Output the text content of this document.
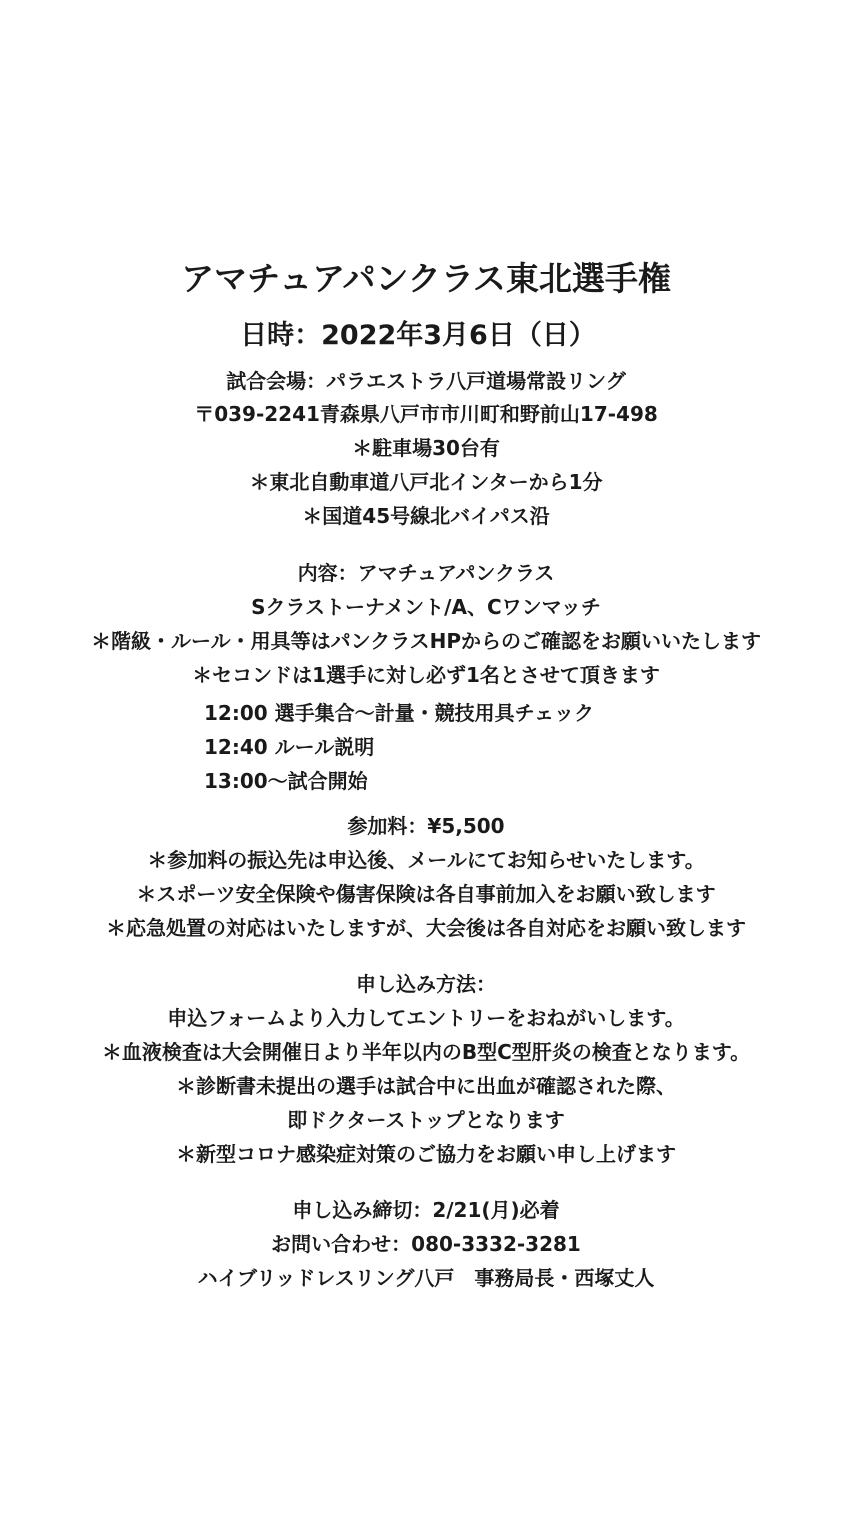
アマチュアパンクラス東北選手権
日時：2022年3月6日（日）
試合会場：パラエストラ八戸道場常設リング
〒039-2241青森県八戸市市川町和野前山17-498
＊駐車場30台有
＊東北自動車道八戸北インターから1分
＊国道45号線北バイパス沿
内容：アマチュアパンクラス
Sクラストーナメント/A、Cワンマッチ
＊階級・ルール・用具等はパンクラスHPからのご確認をお願いいたします
＊セコンドは1選手に対し必ず1名とさせて頂きます
12:00 選手集合〜計量・競技用具チェック
12:40 ルール説明
13:00〜試合開始
参加料：¥5,500
＊参加料の振込先は申込後、メールにてお知らせいたします。
＊スポーツ安全保険や傷害保険は各自事前加入をお願い致します
＊応急処置の対応はいたしますが、大会後は各自対応をお願い致します
申し込み方法：
申込フォームより入力してエントリーをおねがいします。
＊血液検査は大会開催日より半年以内のB型C型肝炎の検査となります。
＊診断書未提出の選手は試合中に出血が確認された際、
即ドクターストップとなります
＊新型コロナ感染症対策のご協力をお願い申し上げます
申し込み締切：2/21(月)必着
お問い合わせ：080-3332-3281
ハイブリッドレスリング八戸　事務局長・西塚丈人
